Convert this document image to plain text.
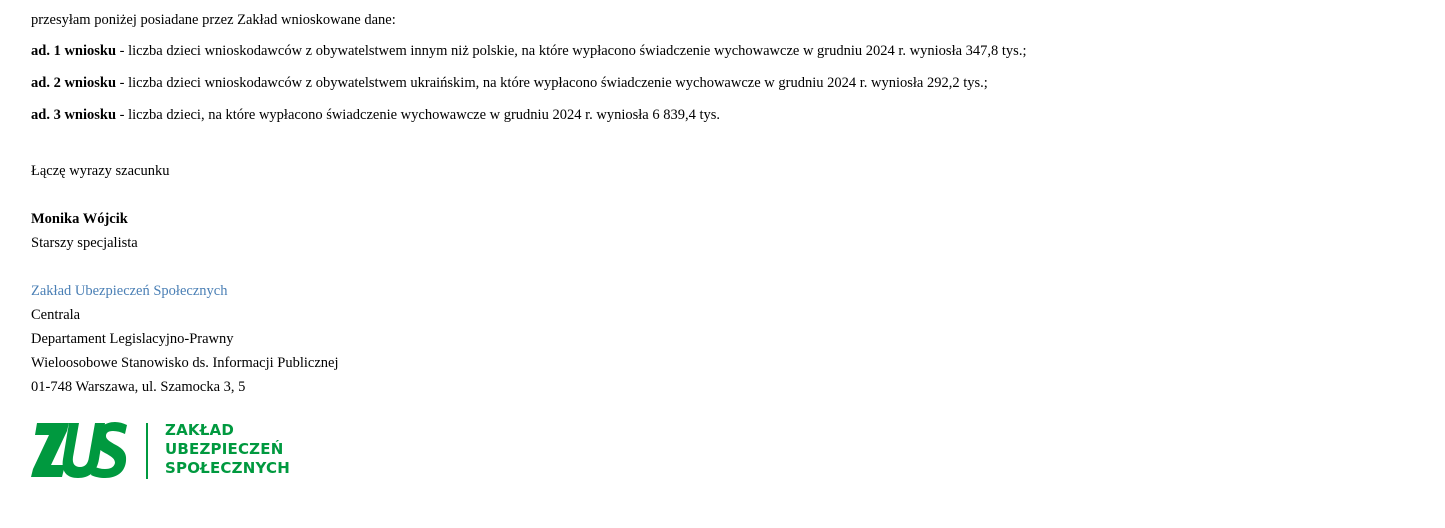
przesyłam poniżej posiadane przez Zakład wnioskowane dane:
ad. 1 wniosku - liczba dzieci wnioskodawców z obywatelstwem innym niż polskie, na które wypłacono świadczenie wychowawcze w grudniu 2024 r. wyniosła 347,8 tys.;
ad. 2 wniosku - liczba dzieci wnioskodawców z obywatelstwem ukraińskim, na które wypłacono świadczenie wychowawcze w grudniu 2024 r. wyniosła 292,2 tys.;
ad. 3 wniosku - liczba dzieci, na które wypłacono świadczenie wychowawcze w grudniu 2024 r. wyniosła 6 839,4 tys.
Łączę wyrazy szacunku
Monika Wójcik
Starszy specjalista
Zakład Ubezpieczeń Społecznych
Centrala
Departament Legislacyjno-Prawny
Wieloosobowe Stanowisko ds. Informacji Publicznej
01-748 Warszawa, ul. Szamocka 3, 5
ZAKŁAD
UBEZPIECZEŃ
SPOŁECZNYCH
